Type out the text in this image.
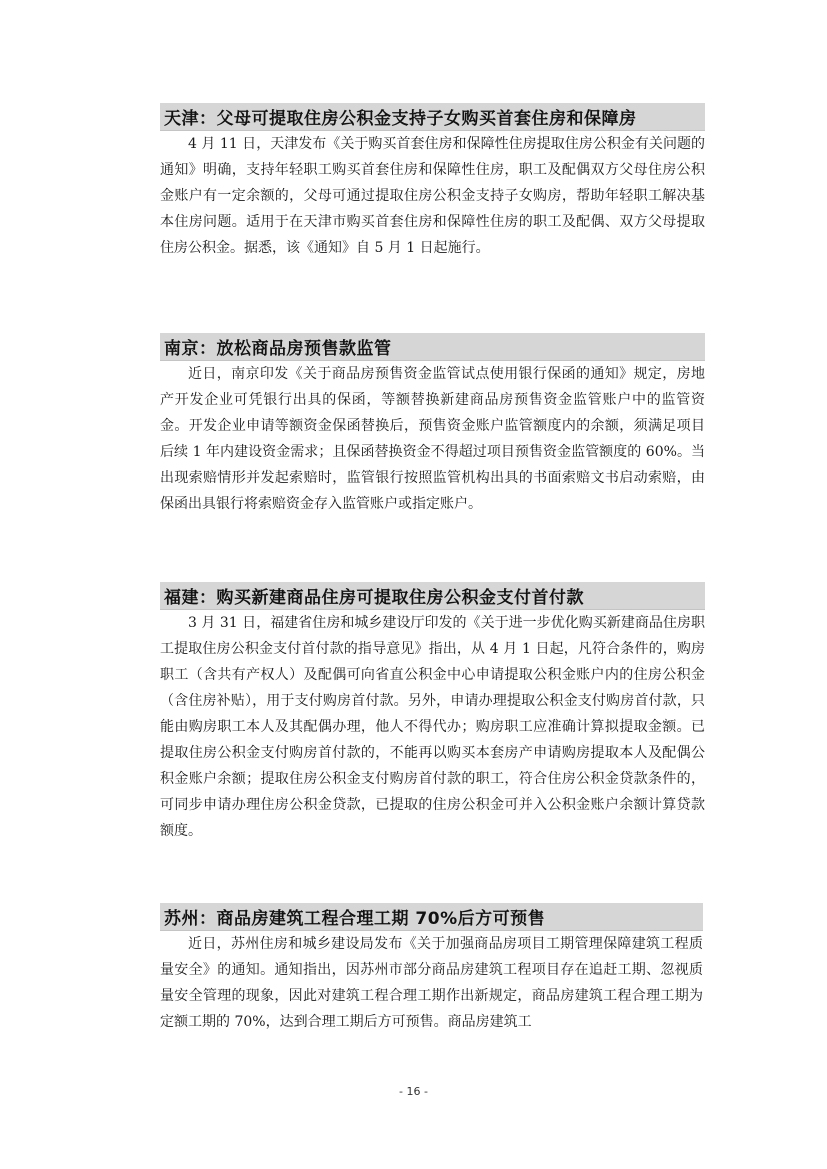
天津：父母可提取住房公积金支持子女购买首套住房和保障房

4 月 11 日，天津发布《关于购买首套住房和保障性住房提取住房公积金有关问题的通知》明确，支持年轻职工购买首套住房和保障性住房，职工及配偶双方父母住房公积金账户有一定余额的，父母可通过提取住房公积金支持子女购房，帮助年轻职工解决基本住房问题。适用于在天津市购买首套住房和保障性住房的职工及配偶、双方父母提取住房公积金。据悉，该《通知》自 5 月 1 日起施行。

南京：放松商品房预售款监管

近日，南京印发《关于商品房预售资金监管试点使用银行保函的通知》规定，房地产开发企业可凭银行出具的保函，等额替换新建商品房预售资金监管账户中的监管资金。开发企业申请等额资金保函替换后，预售资金账户监管额度内的余额，须满足项目后续 1 年内建设资金需求；且保函替换资金不得超过项目预售资金监管额度的 60%。当出现索赔情形并发起索赔时，监管银行按照监管机构出具的书面索赔文书启动索赔，由保函出具银行将索赔资金存入监管账户或指定账户。

福建：购买新建商品住房可提取住房公积金支付首付款

3 月 31 日，福建省住房和城乡建设厅印发的《关于进一步优化购买新建商品住房职工提取住房公积金支付首付款的指导意见》指出，从 4 月 1 日起，凡符合条件的，购房职工（含共有产权人）及配偶可向省直公积金中心申请提取公积金账户内的住房公积金（含住房补贴），用于支付购房首付款。另外，申请办理提取公积金支付购房首付款，只能由购房职工本人及其配偶办理，他人不得代办；购房职工应准确计算拟提取金额。已提取住房公积金支付购房首付款的，不能再以购买本套房产申请购房提取本人及配偶公积金账户余额；提取住房公积金支付购房首付款的职工，符合住房公积金贷款条件的，可同步申请办理住房公积金贷款，已提取的住房公积金可并入公积金账户余额计算贷款额度。

苏州：商品房建筑工程合理工期 70%后方可预售

近日，苏州住房和城乡建设局发布《关于加强商品房项目工期管理保障建筑工程质量安全》的通知。通知指出，因苏州市部分商品房建筑工程项目存在追赶工期、忽视质量安全管理的现象，因此对建筑工程合理工期作出新规定，商品房建筑工程合理工期为定额工期的 70%，达到合理工期后方可预售。商品房建筑工

- 16 -
